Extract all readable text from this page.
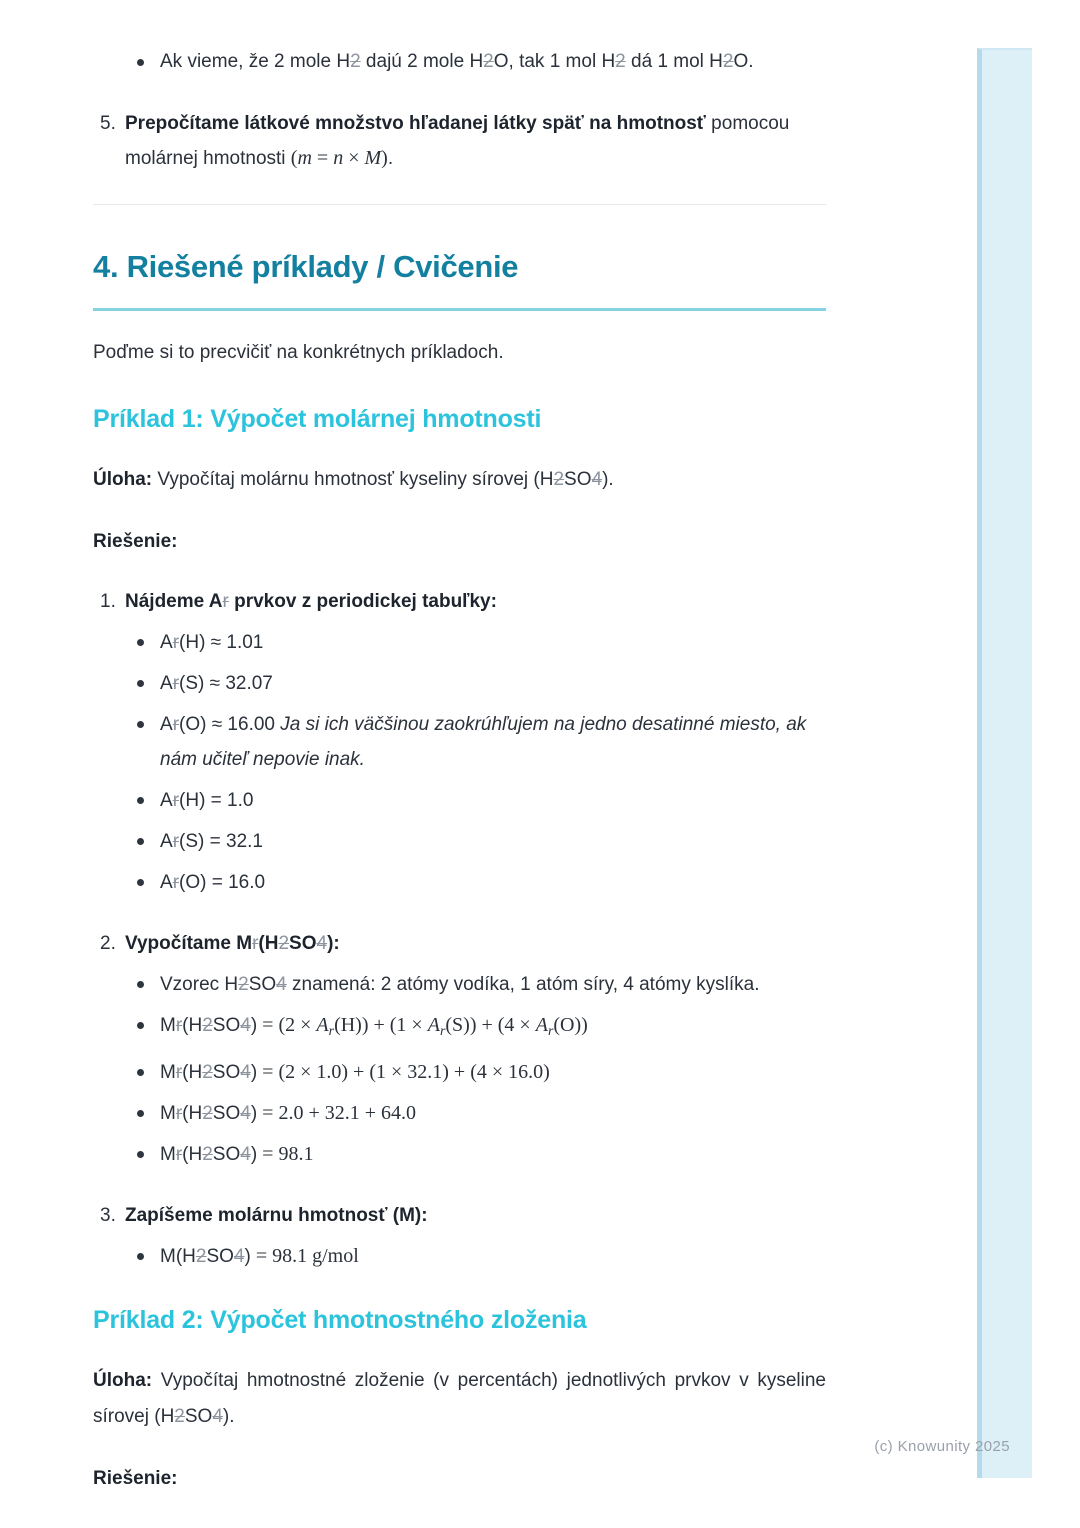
(c) Knowunity 2025
Ak vieme, že 2 mole H2 dajú 2 mole H2O, tak 1 mol H2 dá 1 mol H2O.
5. Prepočítame látkové množstvo hľadanej látky späť na hmotnosť pomocou molárnej hmotnosti (m = n × M).
4. Riešené príklady / Cvičenie

Poďme si to precvičiť na konkrétnych príkladoch.

Príklad 1: Výpočet molárnej hmotnosti

Úloha: Vypočítaj molárnu hmotnosť kyseliny sírovej (H2SO4).

Riešenie:

1. Nájdeme Ar prvkov z periodickej tabuľky:
Ar(H) ≈ 1.01
Ar(S) ≈ 32.07
Ar(O) ≈ 16.00 Ja si ich väčšinou zaokrúhľujem na jedno desatinné miesto, ak nám učiteľ nepovie inak.
Ar(H) = 1.0
Ar(S) = 32.1
Ar(O) = 16.0
2. Vypočítame Mr(H2SO4):
Vzorec H2SO4 znamená: 2 atómy vodíka, 1 atóm síry, 4 atómy kyslíka.
$Mr(H2SO4) = (2 \times A_r(H)) + (1 \times A_r(S)) + (4 \times A_r(O))$
Mr(H2SO4) = (2 × 1.0) + (1 × 32.1) + (4 × 16.0)
Mr(H2SO4) = 2.0 + 32.1 + 64.0
Mr(H2SO4) = 98.1
3. Zapíšeme molárnu hmotnosť (M):
M(H2SO4) = 98.1 g/mol
Príklad 2: Výpočet hmotnostného zloženia

Úloha: Vypočítaj hmotnostné zloženie (v percentách) jednotlivých prvkov v kyseline sírovej (H2SO4).

Riešenie:
